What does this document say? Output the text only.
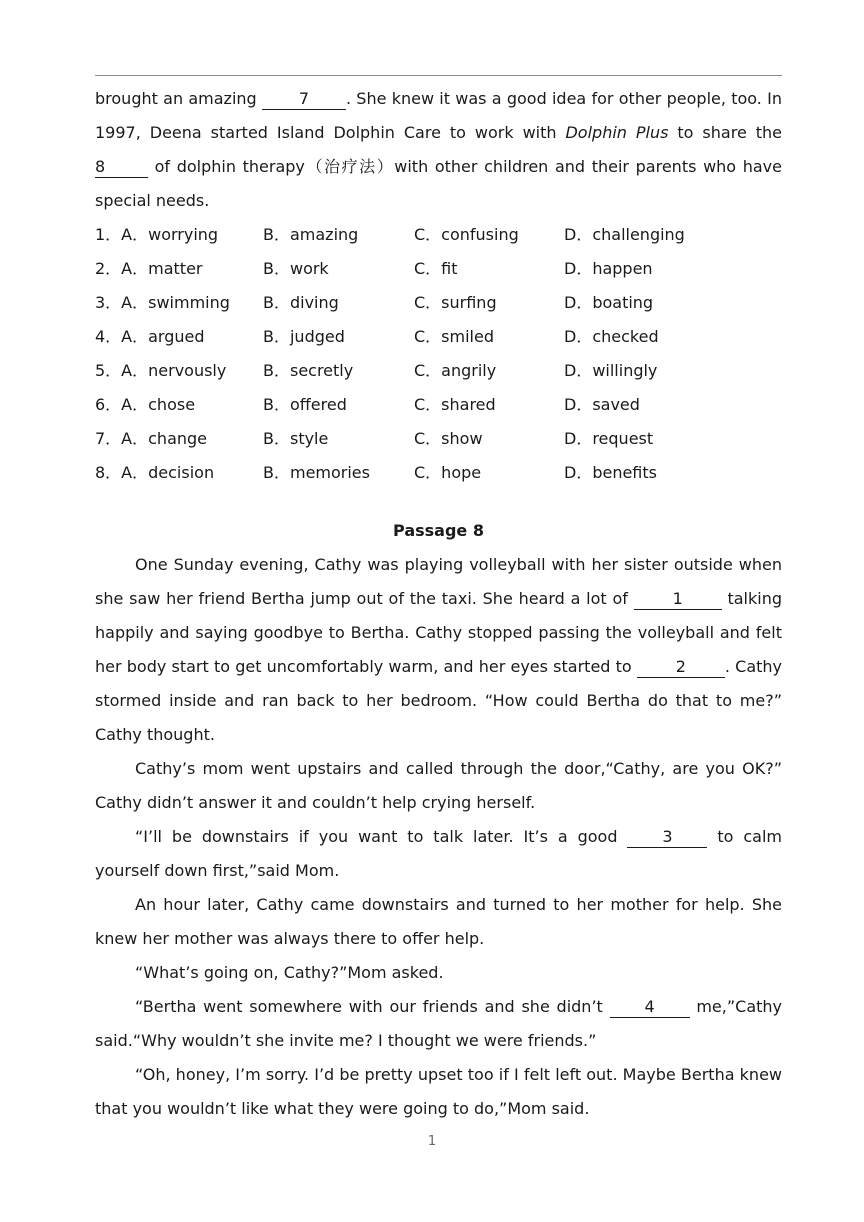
brought an amazing 7 . She knew it was a good idea for other people, too. In 1997, Deena started Island Dolphin Care to work with Dolphin Plus to share the 8	of dolphin therapy（治疗法）with other children and their parents who have special needs.

1．A．worrying	B．amazing	C．confusing	D．challenging
2．A．matter	B．work	C．fit	D．happen
3．A．swimming	B．diving	C．surfing	D．boating
4．A．argued	B．judged	C．smiled	D．checked
5．A．nervously	B．secretly	C．angrily	D．willingly
6．A．chose	B．offered	C．shared	D．saved
7．A．change	B．style	C．show	D．request
8．A．decision	B．memories	C．hope	D．benefits

Passage 8

One Sunday evening, Cathy was playing volleyball with her sister outside when she saw her friend Bertha jump out of the taxi. She heard a lot of 1 talking happily and saying goodbye to Bertha. Cathy stopped passing the volleyball and felt her body start to get uncomfortably warm, and her eyes started to 2 . Cathy stormed inside and ran back to her bedroom. “How could Bertha do that to me?” Cathy thought.

Cathy’s mom went upstairs and called through the door,“Cathy, are you OK?” Cathy didn’t answer it and couldn’t help crying herself.

“I’ll be downstairs if you want to talk later. It’s a good 3 to calm yourself down first,”said Mom.

An hour later, Cathy came downstairs and turned to her mother for help. She knew her mother was always there to offer help.

“What’s going on, Cathy?”Mom asked.

“Bertha went somewhere with our friends and she didn’t 4 me,”Cathy said.“Why wouldn’t she invite me? I thought we were friends.”

“Oh, honey, I’m sorry. I’d be pretty upset too if I felt left out. Maybe Bertha knew that you wouldn’t like what they were going to do,”Mom said.

1
